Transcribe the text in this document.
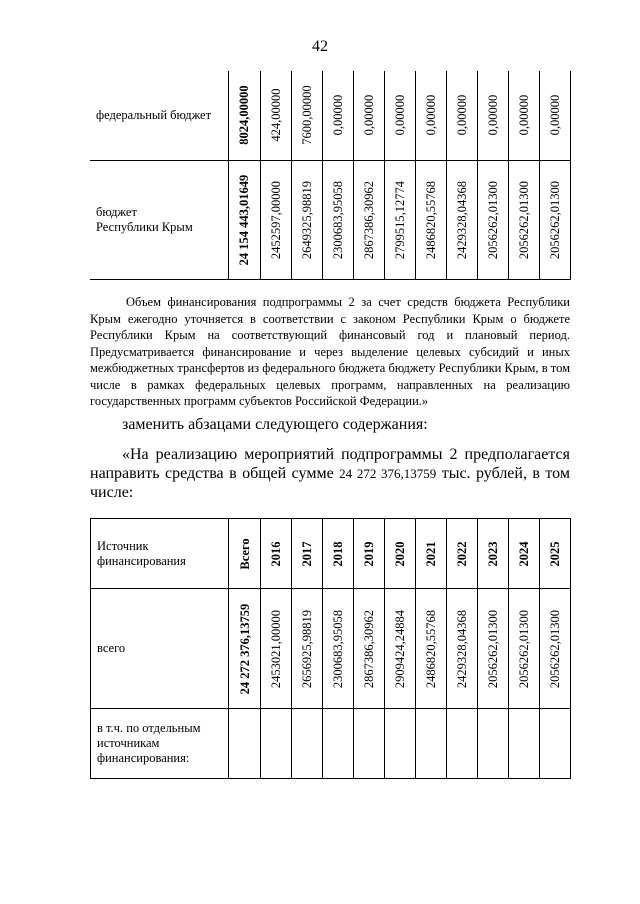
42
федеральный бюджет	8024,00000	424,00000	7600,00000	0,00000	0,00000	0,00000	0,00000	0,00000	0,00000	0,00000	0,00000

бюджет
Республики Крым	24 154 443,01649	2452597,00000	2649325,98819	2300683,95058	2867386,30962	2799515,12774	2486820,55768	2429328,04368	2056262,01300	2056262,01300	2056262,01300

Объем финансирования подпрограммы 2 за счет средств бюджета Республики Крым ежегодно уточняется в соответствии с законом Республики Крым о бюджете Республики Крым на соответствующий финансовый год и плановый период. Предусматривается финансирование и через выделение целевых субсидий и иных межбюджетных трансфертов из федерального бюджета бюджету Республики Крым, в том числе в рамках федеральных целевых программ, направленных на реализацию государственных программ субъектов Российской Федерации.»

заменить абзацами следующего содержания:

«На реализацию мероприятий подпрограммы 2 предполагается направить средства в общей сумме 24 272 376,13759 тыс. рублей, в том числе:

Источник
финансирования	Всего	2016	2017	2018	2019	2020	2021	2022	2023	2024	2025

всего	24 272 376,13759	2453021,00000	2656925,98819	2300683,95058	2867386,30962	2909424,24884	2486820,55768	2429328,04368	2056262,01300	2056262,01300	2056262,01300

в т.ч. по отдельным
источникам
финансирования:											
